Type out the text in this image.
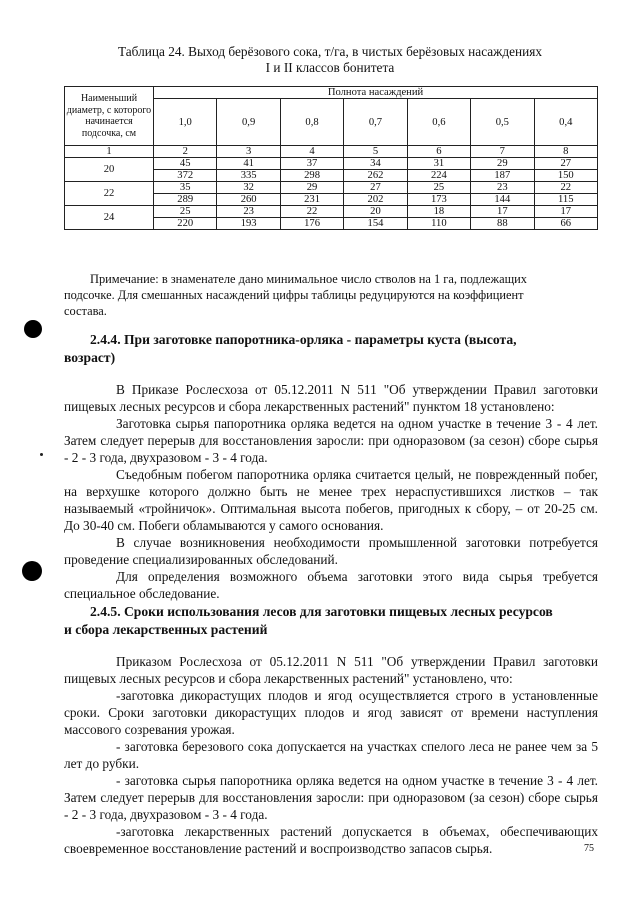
Таблица 24. Выход берёзового сока, т/га, в чистых берёзовых насаждениях
I и II классов бонитета
Наименьший диаметр, с которого начинается подсочка, см	Полнота насаждений						
	1,0	0,9	0,8	0,7	0,6	0,5	0,4
1	2	3	4	5	6	7	8
20	45	41	37	34	31	29	27
	372	335	298	262	224	187	150
22	35	32	29	27	25	23	22
	289	260	231	202	173	144	115
24	25	23	22	20	18	17	17
	220	193	176	154	110	88	66

Примечание: в знаменателе дано минимальное число стволов на 1 га, подлежащих

подсочке. Для смешанных насаждений цифры таблицы редуцируются на коэффициент

состава.

2.4.4. При заготовке папоротника-орляка - параметры куста (высота,
возраст)

В Приказе Рослесхоза от 05.12.2011 N 511 "Об утверждении Правил заготовки пищевых лесных ресурсов и сбора лекарственных растений" пунктом 18 установлено:

Заготовка сырья папоротника орляка ведется на одном участке в течение 3 - 4 лет. Затем следует перерыв для восстановления заросли: при одноразовом (за сезон) сборе сырья - 2 - 3 года, двухразовом - 3 - 4 года.

Съедобным побегом папоротника орляка считается целый, не поврежденный побег, на верхушке которого должно быть не менее трех нераспустившихся листков – так называемый «тройничок». Оптимальная высота побегов, пригодных к сбору, – от 20-25 см. До 30-40 см. Побеги обламываются у самого основания.

В случае возникновения необходимости промышленной заготовки потребуется проведение специализированных обследований.

Для определения возможного объема заготовки этого вида сырья требуется специальное обследование.

2.4.5. Сроки использования лесов для заготовки пищевых лесных ресурсов
и сбора лекарственных растений

Приказом Рослесхоза от 05.12.2011 N 511 "Об утверждении Правил заготовки пищевых лесных ресурсов и сбора лекарственных растений" установлено, что:

-заготовка дикорастущих плодов и ягод осуществляется строго в установленные сроки. Сроки заготовки дикорастущих плодов и ягод зависят от времени наступления массового созревания урожая.

- заготовка березового сока допускается на участках спелого леса не ранее чем за 5 лет до рубки.

- заготовка сырья папоротника орляка ведется на одном участке в течение 3 - 4 лет. Затем следует перерыв для восстановления заросли: при одноразовом (за сезон) сборе сырья - 2 - 3 года, двухразовом - 3 - 4 года.

-заготовка лекарственных растений допускается в объемах, обеспечивающих своевременное восстановление растений и воспроизводство запасов сырья.	75
